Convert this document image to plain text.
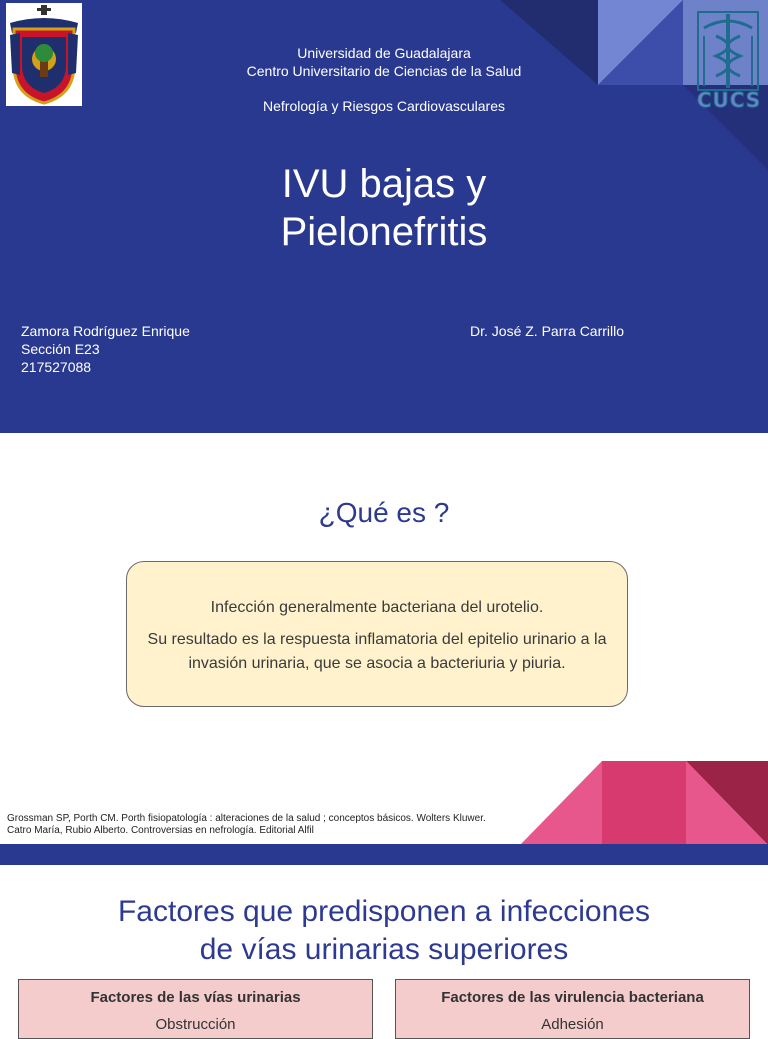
CUCS
Universidad de Guadalajara
Centro Universitario de Ciencias de la Salud
Nefrología y Riesgos Cardiovasculares
IVU bajas y
Pielonefritis
Zamora Rodríguez Enrique
Sección E23
217527088
Dr. José Z. Parra Carrillo
¿Qué es ?

Infección generalmente bacteriana del urotelio.

Su resultado es la respuesta inflamatoria del epitelio urinario a la invasión urinaria, que se asocia a bacteriuria y piuria.

Grossman SP, Porth CM. Porth fisiopatología : alteraciones de la salud ; conceptos básicos. Wolters Kluwer.
Catro María, Rubio Alberto. Controversias en nefrología. Editorial Alfil
Factores que predisponen a infecciones
de vías urinarias superiores
Factores de las vías urinarias
Obstrucción
Factores de las virulencia bacteriana
Adhesión
